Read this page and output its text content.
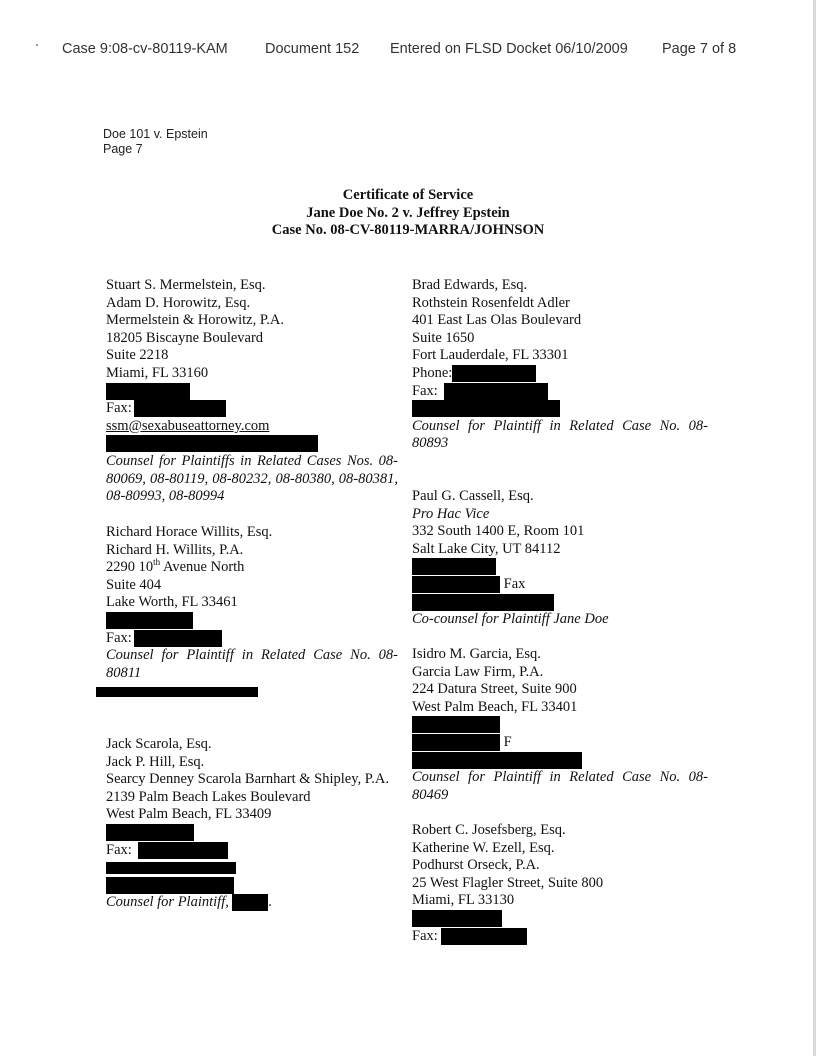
Case 9:08-cv-80119-KAM	Document 152 Entered on FLSD Docket 06/10/2009 Page 7 of 8
Doe 101 v. Epstein
Page 7
Certificate of Service
Jane Doe No. 2 v. Jeffrey Epstein
Case No. 08-CV-80119-MARRA/JOHNSON
Stuart S. Mermelstein, Esq.
Adam D. Horowitz, Esq.
Mermelstein & Horowitz, P.A.
18205 Biscayne Boulevard
Suite 2218
Miami, FL 33160
Fax:
ssm@sexabuseattorney.com
Counsel for Plaintiffs in Related Cases Nos. 08-80069, 08-80119, 08-80232, 08-80380, 08-80381, 08-80993, 08-80994
Richard Horace Willits, Esq.
Richard H. Willits, P.A.
2290 10th Avenue North
Suite 404
Lake Worth, FL 33461
Fax:
Counsel for Plaintiff in Related Case No. 08-80811
Jack Scarola, Esq.
Jack P. Hill, Esq.
Searcy Denney Scarola Barnhart & Shipley, P.A.
2139 Palm Beach Lakes Boulevard
West Palm Beach, FL 33409
Fax:
Counsel for Plaintiff,	.
Brad Edwards, Esq.
Rothstein Rosenfeldt Adler
401 East Las Olas Boulevard
Suite 1650
Fort Lauderdale, FL 33301
Phone:
Fax:
Counsel for Plaintiff in Related Case No. 08-80893
Paul G. Cassell, Esq.
Pro Hac Vice
332 South 1400 E, Room 101
Salt Lake City, UT 84112
Fax
Co-counsel for Plaintiff Jane Doe
Isidro M. Garcia, Esq.
Garcia Law Firm, P.A.
224 Datura Street, Suite 900
West Palm Beach, FL 33401
F
Counsel for Plaintiff in Related Case No. 08-80469
Robert C. Josefsberg, Esq.
Katherine W. Ezell, Esq.
Podhurst Orseck, P.A.
25 West Flagler Street, Suite 800
Miami, FL 33130
Fax:
